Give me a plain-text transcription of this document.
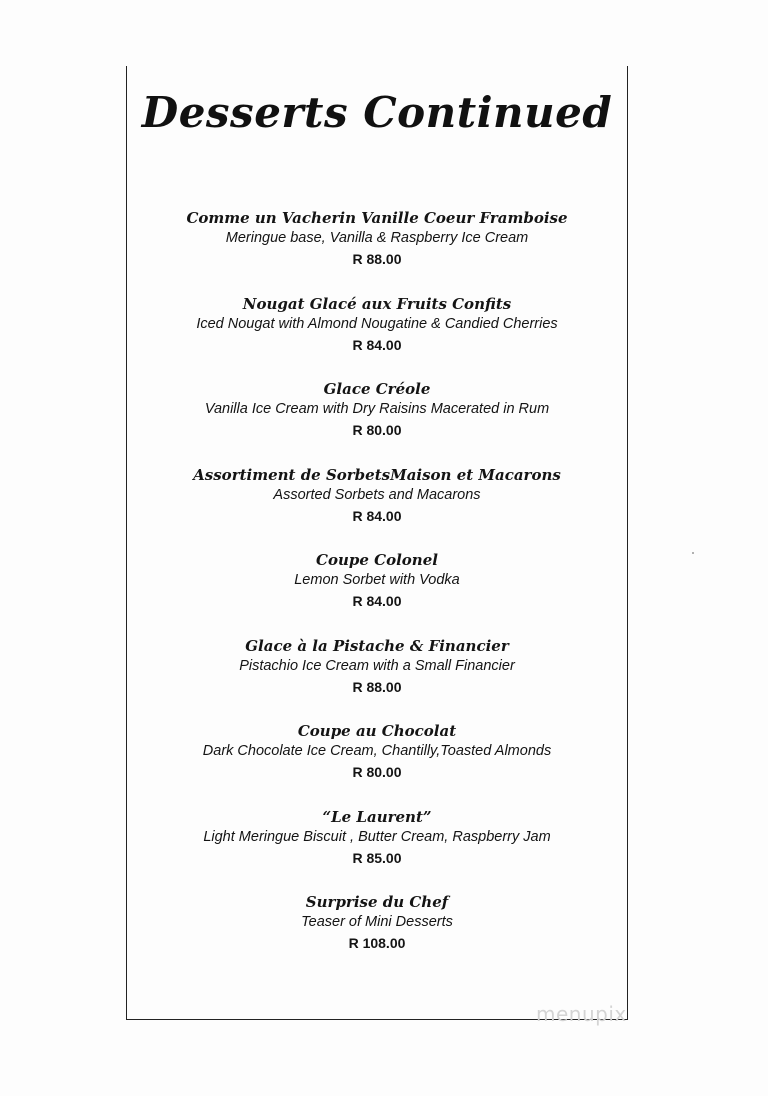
Desserts Continued
Comme un Vacherin Vanille Coeur Framboise
Meringue base, Vanilla & Raspberry Ice Cream
R 88.00
Nougat Glacé aux Fruits Confits
Iced Nougat with Almond Nougatine & Candied Cherries
R 84.00
Glace Créole
Vanilla Ice Cream with Dry Raisins Macerated in Rum
R 80.00
Assortiment de SorbetsMaison et Macarons
Assorted Sorbets and Macarons
R 84.00
Coupe Colonel
Lemon Sorbet with Vodka
R 84.00
Glace à la Pistache & Financier
Pistachio Ice Cream with a Small Financier
R 88.00
Coupe au Chocolat
Dark Chocolate Ice Cream, Chantilly,Toasted Almonds
R 80.00
“Le Laurent”
Light Meringue Biscuit , Butter Cream, Raspberry Jam
R 85.00
Surprise du Chef
Teaser of Mini Desserts
R 108.00
menupix
